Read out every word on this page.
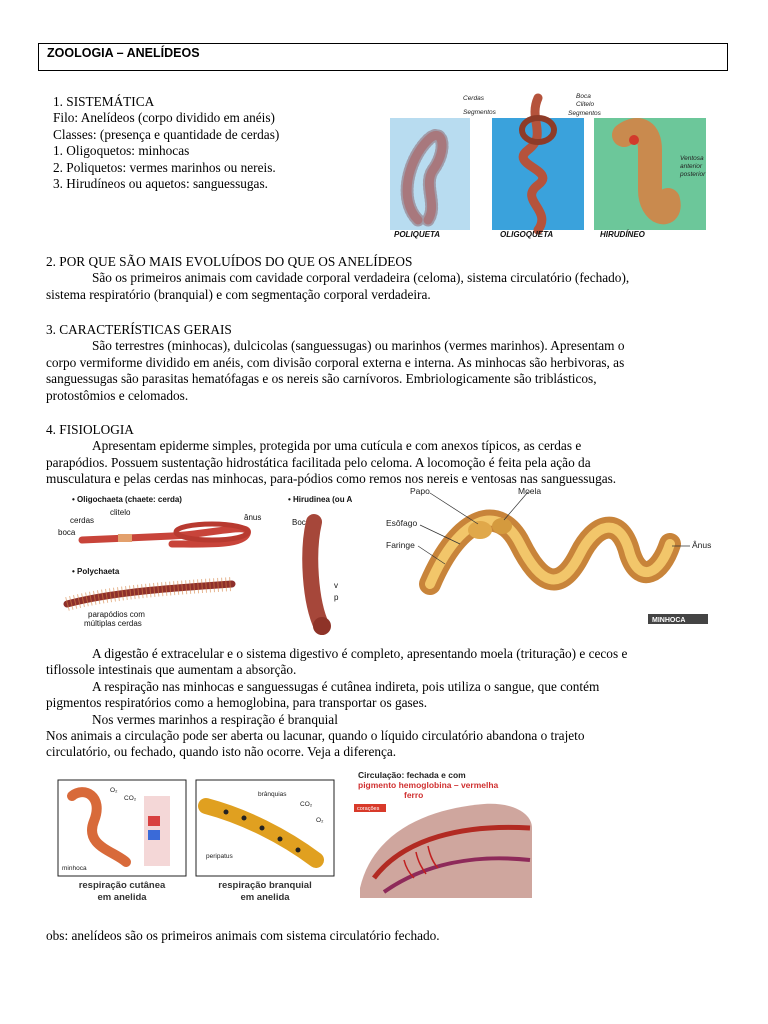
ZOOLOGIA – ANELÍDEOS
1. SISTEMÁTICA
Filo: Anelídeos (corpo dividido em anéis)
Classes: (presença e quantidade de cerdas)
1. Oligoquetos: minhocas
2. Poliquetos: vermes marinhos ou nereis.
3. Hirudíneos ou aquetos: sanguessugas.
Cerdas
Segmentos
Boca
Clitelo
Segmentos
Ventosa
anterior
posterior
POLIQUETA	OLIGOQUETA	HIRUDÍNEO
2. POR QUE SÃO MAIS EVOLUÍDOS DO QUE OS ANELÍDEOS
São os primeiros animais com cavidade corporal verdadeira (celoma), sistema circulatório (fechado),
sistema respiratório (branquial) e com segmentação corporal verdadeira.
3. CARACTERÍSTICAS GERAIS
São terrestres (minhocas), dulcicolas (sanguessugas) ou marinhos (vermes marinhos). Apresentam o
corpo vermiforme dividido em anéis, com divisão corporal externa e interna. As minhocas são herbivoras, as
sanguessugas são parasitas hematófagas e os nereis são carnívoros. Embriologicamente são triblásticos,
protostômios e celomados.
4. FISIOLOGIA
Apresentam epiderme simples, protegida por uma cutícula e com anexos típicos, as cerdas e
parapódios. Possuem sustentação hidrostática facilitada pelo celoma. A locomoção é feita pela ação da
musculatura e pelas cerdas nas minhocas, para-pódios como remos nos nereis e ventosas nas sanguessugas.
• Oligochaeta (chaete: cerda)	• Hirudinea (ou A
clitelo
cerdas
boca
ânus
Boca
• Polychaeta
parapódios com
múltiplas cerdas
v
p
Papo	Moela
Esôfago
Faringe	Ânus
MINHOCA
A digestão é extracelular e o sistema digestivo é completo, apresentando moela (trituração) e cecos e
tiflossole intestinais que aumentam a absorção.
A respiração nas minhocas e sanguessugas é cutânea indireta, pois utiliza o sangue, que contém
pigmentos respiratórios como a hemoglobina, para transportar os gases.
Nos vermes marinhos a respiração é branquial
Nos animais a circulação pode ser aberta ou lacunar, quando o líquido circulatório abandona o trajeto
circulatório, ou fechado, quando isto não ocorre. Veja a diferença.
minhoca
O₂
CO₂
brânquias
CO₂
O₂
peripatus
respiração cutânea
em anelida
respiração branquial
em anelida
corações
Circulação: fechada e com
pigmento hemoglobina – vermelha
ferro
obs: anelídeos são os primeiros animais com sistema circulatório fechado.
